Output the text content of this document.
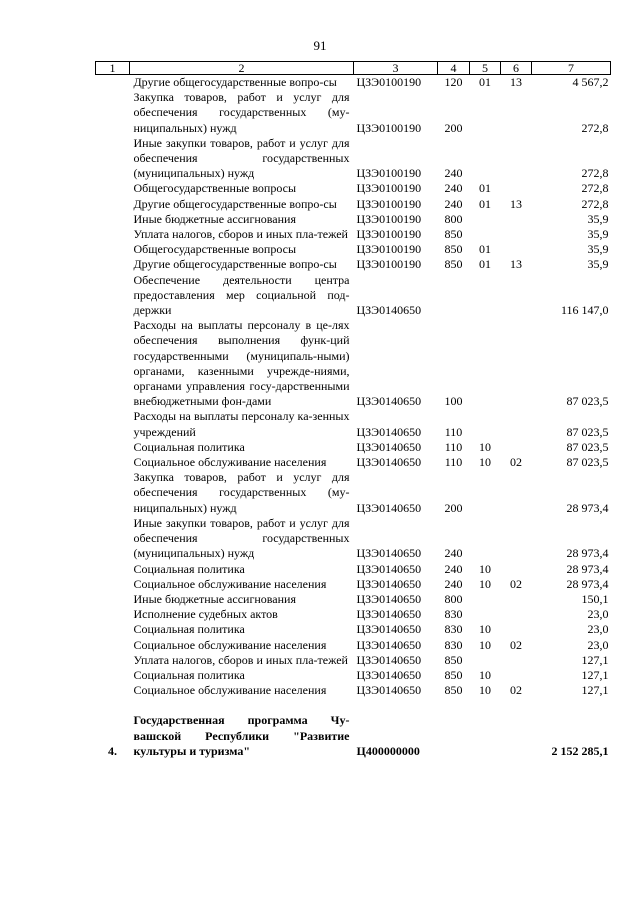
91
1	2	3	4	5	6	7
	Другие общегосударственные вопро-сы	ЦЗЭ0100190	120	01	13	4 567,2
	Закупка товаров, работ и услуг для обеспечения государственных (му-ниципальных) нужд	ЦЗЭ0100190	200			272,8
	Иные закупки товаров, работ и услуг для обеспечения государственных (муниципальных) нужд	ЦЗЭ0100190	240			272,8
	Общегосударственные вопросы	ЦЗЭ0100190	240	01		272,8
	Другие общегосударственные вопро-сы	ЦЗЭ0100190	240	01	13	272,8
	Иные бюджетные ассигнования	ЦЗЭ0100190	800			35,9
	Уплата налогов, сборов и иных пла-тежей	ЦЗЭ0100190	850			35,9
	Общегосударственные вопросы	ЦЗЭ0100190	850	01		35,9
	Другие общегосударственные вопро-сы	ЦЗЭ0100190	850	01	13	35,9
	Обеспечение деятельности центра предоставления мер социальной под-держки	ЦЗЭ0140650				116 147,0
	Расходы на выплаты персоналу в це-лях обеспечения выполнения функ-ций государственными (муниципаль-ными) органами, казенными учрежде-ниями, органами управления госу-дарственными внебюджетными фон-дами	ЦЗЭ0140650	100			87 023,5
	Расходы на выплаты персоналу ка-зенных учреждений	ЦЗЭ0140650	110			87 023,5
	Социальная политика	ЦЗЭ0140650	110	10		87 023,5
	Социальное обслуживание населения	ЦЗЭ0140650	110	10	02	87 023,5
	Закупка товаров, работ и услуг для обеспечения государственных (му-ниципальных) нужд	ЦЗЭ0140650	200			28 973,4
	Иные закупки товаров, работ и услуг для обеспечения государственных (муниципальных) нужд	ЦЗЭ0140650	240			28 973,4
	Социальная политика	ЦЗЭ0140650	240	10		28 973,4
	Социальное обслуживание населения	ЦЗЭ0140650	240	10	02	28 973,4
	Иные бюджетные ассигнования	ЦЗЭ0140650	800			150,1
	Исполнение судебных актов	ЦЗЭ0140650	830			23,0
	Социальная политика	ЦЗЭ0140650	830	10		23,0
	Социальное обслуживание населения	ЦЗЭ0140650	830	10	02	23,0
	Уплата налогов, сборов и иных пла-тежей	ЦЗЭ0140650	850			127,1
	Социальная политика	ЦЗЭ0140650	850	10		127,1
	Социальное обслуживание населения	ЦЗЭ0140650	850	10	02	127,1

4.	Государственная программа Чу-вашской Республики "Развитие культуры и туризма"	Ц400000000				2 152 285,1
